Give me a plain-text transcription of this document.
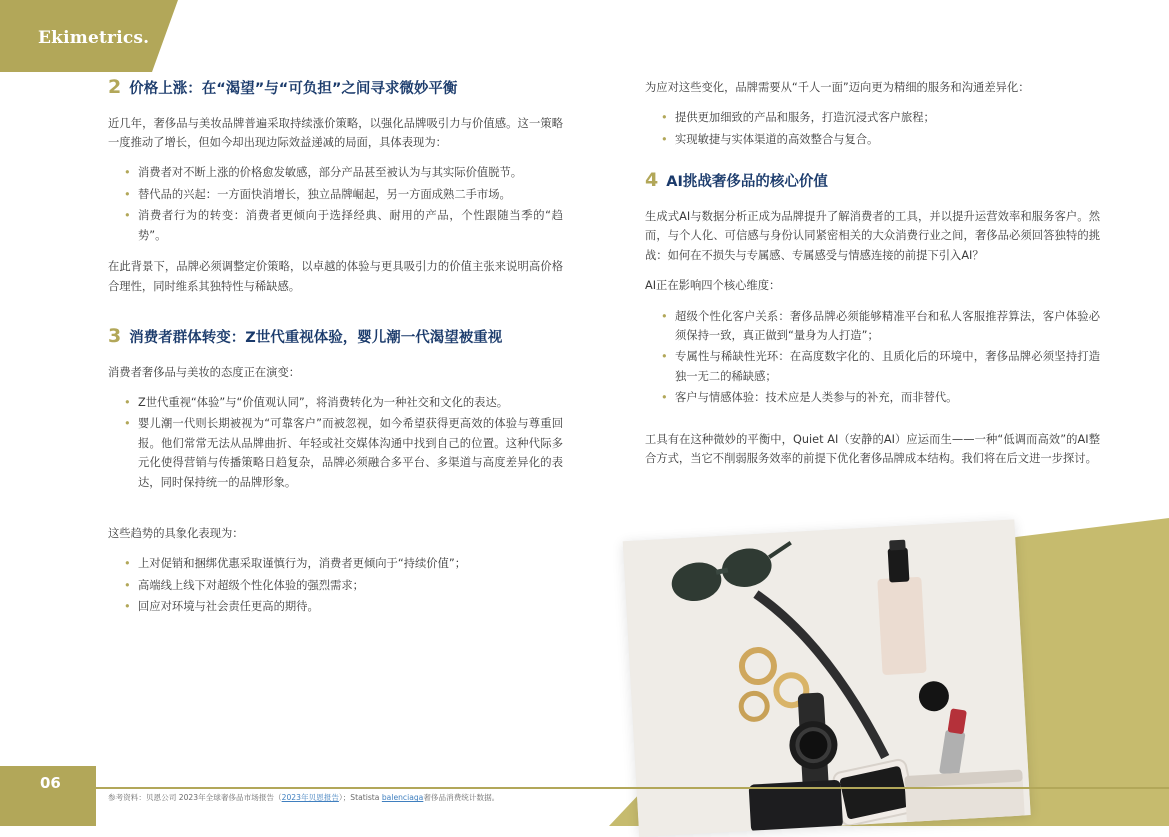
Ekimetrics.
06
2 价格上涨：在“渴望”与“可负担”之间寻求微妙平衡

近几年，奢侈品与美妆品牌普遍采取持续涨价策略，以强化品牌吸引力与价值感。这一策略一度推动了增长，但如今却出现边际效益递减的局面，具体表现为：

• 消费者对不断上涨的价格愈发敏感，部分产品甚至被认为与其实际价值脱节。
• 替代品的兴起：一方面快消增长，独立品牌崛起，另一方面成熟二手市场。
• 消费者行为的转变：消费者更倾向于选择经典、耐用的产品，个性跟随当季的“趋势”。

在此背景下，品牌必须调整定价策略，以卓越的体验与更具吸引力的价值主张来说明高价格合理性，同时维系其独特性与稀缺感。

3 消费者群体转变：Z世代重视体验，婴儿潮一代渴望被重视

消费者奢侈品与美妆的态度正在演变：

• Z世代重视“体验”与“价值观认同”，将消费转化为一种社交和文化的表达。
• 婴儿潮一代则长期被视为“可靠客户”而被忽视，如今希望获得更高效的体验与尊重回报。他们常常无法从品牌曲折、年轻或社交媒体沟通中找到自己的位置。这种代际多元化使得营销与传播策略日趋复杂，品牌必须融合多平台、多渠道与高度差异化的表达，同时保持统一的品牌形象。

这些趋势的具象化表现为：

• 上对促销和捆绑优惠采取谨慎行为，消费者更倾向于“持续价值”；
• 高端线上线下对超级个性化体验的强烈需求；
• 回应对环境与社会责任更高的期待。

为应对这些变化，品牌需要从“千人一面”迈向更为精细的服务和沟通差异化：

• 提供更加细致的产品和服务，打造沉浸式客户旅程；
• 实现敏捷与实体渠道的高效整合与复合。
4 AI挑战奢侈品的核心价值

生成式AI与数据分析正成为品牌提升了解消费者的工具，并以提升运营效率和服务客户。然而，与个人化、可信感与身份认同紧密相关的大众消费行业之间，奢侈品必须回答独特的挑战：如何在不损失与专属感、专属感受与情感连接的前提下引入AI？

AI正在影响四个核心维度：

• 超级个性化客户关系：奢侈品牌必须能够精准平台和私人客服推荐算法，客户体验必须保持一致，真正做到“量身为人打造”；
• 专属性与稀缺性光环：在高度数字化的、且质化后的环境中，奢侈品牌必须坚持打造独一无二的稀缺感；
• 客户与情感体验：技术应是人类参与的补充，而非替代。

工具有在这种微妙的平衡中，Quiet AI（安静的AI）应运而生——一种“低调而高效”的AI整合方式，当它不削弱服务效率的前提下优化奢侈品牌成本结构。我们将在后文进一步探讨。

参考资料：贝恩公司 2023年全球奢侈品市场报告（2023年贝恩报告）；Statista balenciaga奢侈品消费统计数据。
